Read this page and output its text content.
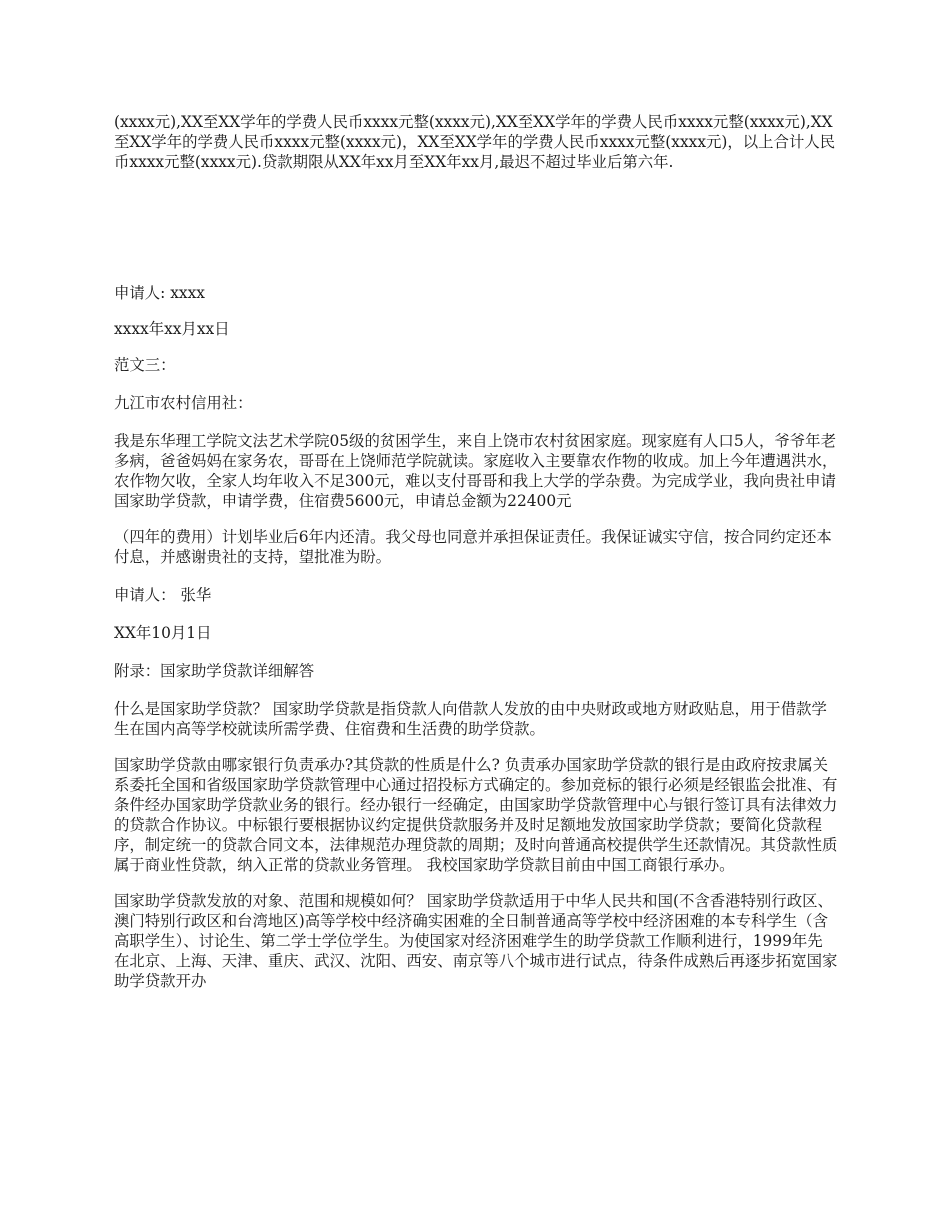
(xxxx元),XX至XX学年的学费人民币xxxx元整(xxxx元),XX至XX学年的学费人民币xxxx元整(xxxx元),XX至XX学年的学费人民币xxxx元整(xxxx元)，XX至XX学年的学费人民币xxxx元整(xxxx元)，以上合计人民币xxxx元整(xxxx元).贷款期限从XX年xx月至XX年xx月,最迟不超过毕业后第六年.

申请人: xxxx

xxxx年xx月xx日

范文三：

九江市农村信用社：

我是东华理工学院文法艺术学院05级的贫困学生，来自上饶市农村贫困家庭。现家庭有人口5人，爷爷年老多病，爸爸妈妈在家务农，哥哥在上饶师范学院就读。家庭收入主要靠农作物的收成。加上今年遭遇洪水，农作物欠收，全家人均年收入不足300元，难以支付哥哥和我上大学的学杂费。为完成学业，我向贵社申请国家助学贷款，申请学费，住宿费5600元，申请总金额为22400元

（四年的费用）计划毕业后6年内还清。我父母也同意并承担保证责任。我保证诚实守信，按合同约定还本付息，并感谢贵社的支持，望批准为盼。

申请人： 张华

XX年10月1日

附录：国家助学贷款详细解答

什么是国家助学贷款？ 国家助学贷款是指贷款人向借款人发放的由中央财政或地方财政贴息，用于借款学生在国内高等学校就读所需学费、住宿费和生活费的助学贷款。

国家助学贷款由哪家银行负责承办?其贷款的性质是什么? 负责承办国家助学贷款的银行是由政府按隶属关系委托全国和省级国家助学贷款管理中心通过招投标方式确定的。参加竞标的银行必须是经银监会批准、有条件经办国家助学贷款业务的银行。经办银行一经确定，由国家助学贷款管理中心与银行签订具有法律效力的贷款合作协议。中标银行要根据协议约定提供贷款服务并及时足额地发放国家助学贷款；要简化贷款程序，制定统一的贷款合同文本，法律规范办理贷款的周期；及时向普通高校提供学生还款情况。其贷款性质属于商业性贷款，纳入正常的贷款业务管理。 我校国家助学贷款目前由中国工商银行承办。

国家助学贷款发放的对象、范围和规模如何？ 国家助学贷款适用于中华人民共和国(不含香港特别行政区、澳门特别行政区和台湾地区)高等学校中经济确实困难的全日制普通高等学校中经济困难的本专科学生（含高职学生）、讨论生、第二学士学位学生。为使国家对经济困难学生的助学贷款工作顺利进行，1999年先在北京、上海、天津、重庆、武汉、沈阳、西安、南京等八个城市进行试点，待条件成熟后再逐步拓宽国家助学贷款开办
